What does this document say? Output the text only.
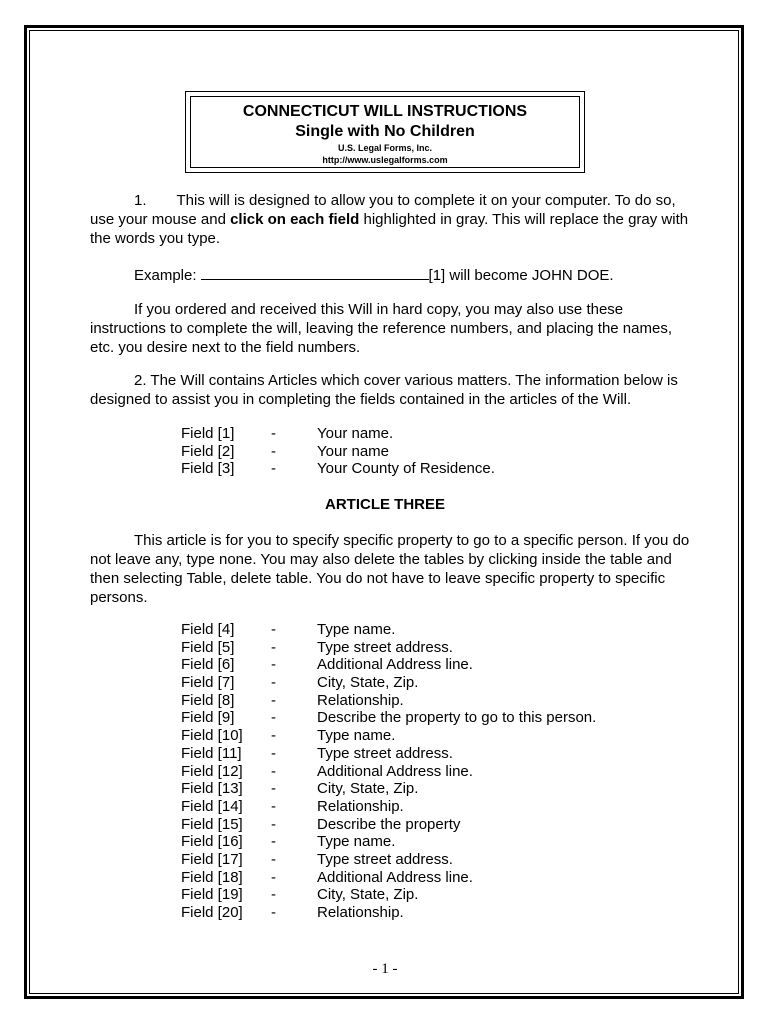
CONNECTICUT WILL INSTRUCTIONS
Single with No Children
U.S. Legal Forms, Inc.
http://www.uslegalforms.com
1. This will is designed to allow you to complete it on your computer. To do so, use your mouse and click on each field highlighted in gray. This will replace the gray with the words you type.
Example:	[1] will become JOHN DOE.
If you ordered and received this Will in hard copy, you may also use these instructions to complete the will, leaving the reference numbers, and placing the names, etc. you desire next to the field numbers.
2. The Will contains Articles which cover various matters. The information below is designed to assist you in completing the fields contained in the articles of the Will.
Field [1] -	Your name.
Field [2] -	Your name
Field [3] -	Your County of Residence.
ARTICLE THREE
This article is for you to specify specific property to go to a specific person. If you do not leave any, type none. You may also delete the tables by clicking inside the table and then selecting Table, delete table. You do not have to leave specific property to specific persons.
Field [4] -	Type name.
Field [5] -	Type street address.
Field [6] -	Additional Address line.
Field [7] -	City, State, Zip.
Field [8] -	Relationship.
Field [9] -	Describe the property to go to this person.
Field [10] -	Type name.
Field [11] -	Type street address.
Field [12] -	Additional Address line.
Field [13] -	City, State, Zip.
Field [14] -	Relationship.
Field [15] -	Describe the property
Field [16] -	Type name.
Field [17] -	Type street address.
Field [18] -	Additional Address line.
Field [19] -	City, State, Zip.
Field [20] -	Relationship.
- 1 -
